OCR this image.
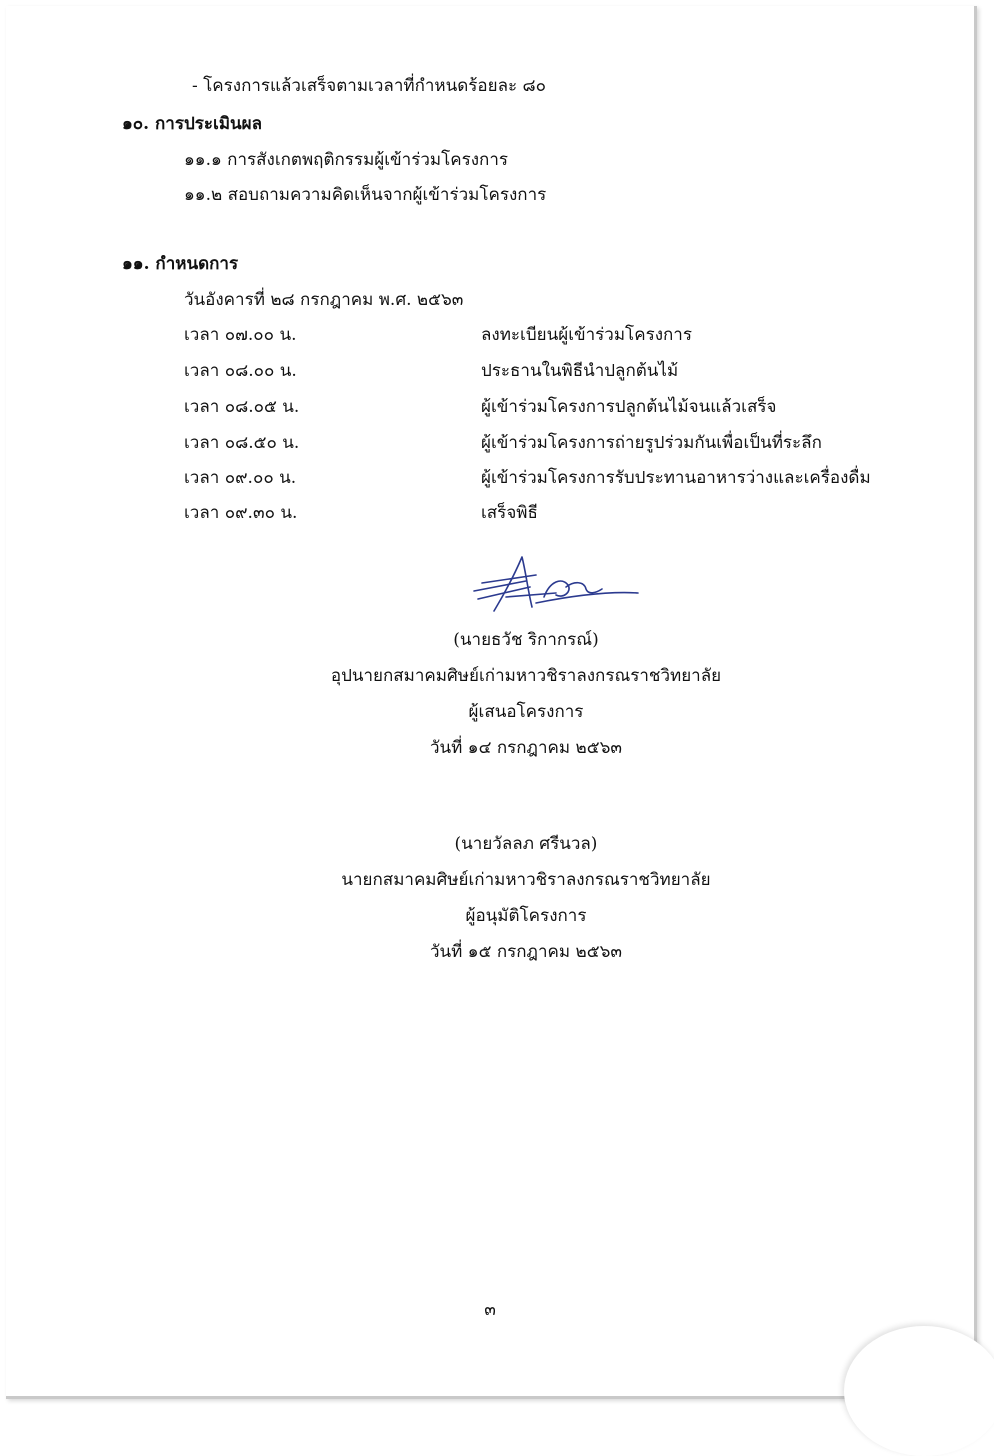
- โครงการแล้วเสร็จตามเวลาที่กำหนดร้อยละ ๘๐
๑๐. การประเมินผล
๑๑.๑ การสังเกตพฤติกรรมผู้เข้าร่วมโครงการ
๑๑.๒ สอบถามความคิดเห็นจากผู้เข้าร่วมโครงการ
๑๑. กำหนดการ
วันอังคารที่ ๒๘ กรกฎาคม พ.ศ. ๒๕๖๓
เวลา ๐๗.๐๐ น.	ลงทะเบียนผู้เข้าร่วมโครงการ
เวลา ๐๘.๐๐ น.	ประธานในพิธีนำปลูกต้นไม้
เวลา ๐๘.๐๕ น.	ผู้เข้าร่วมโครงการปลูกต้นไม้จนแล้วเสร็จ
เวลา ๐๘.๕๐ น.	ผู้เข้าร่วมโครงการถ่ายรูปร่วมกันเพื่อเป็นที่ระลึก
เวลา ๐๙.๐๐ น.	ผู้เข้าร่วมโครงการรับประทานอาหารว่างและเครื่องดื่ม
เวลา ๐๙.๓๐ น.	เสร็จพิธี
(นายธวัช ริกากรณ์)
อุปนายกสมาคมศิษย์เก่ามหาวชิราลงกรณราชวิทยาลัย
ผู้เสนอโครงการ
วันที่ ๑๔ กรกฎาคม ๒๕๖๓
(นายวัลลภ ศรีนวล)
นายกสมาคมศิษย์เก่ามหาวชิราลงกรณราชวิทยาลัย
ผู้อนุมัติโครงการ
วันที่ ๑๕ กรกฎาคม ๒๕๖๓
๓
